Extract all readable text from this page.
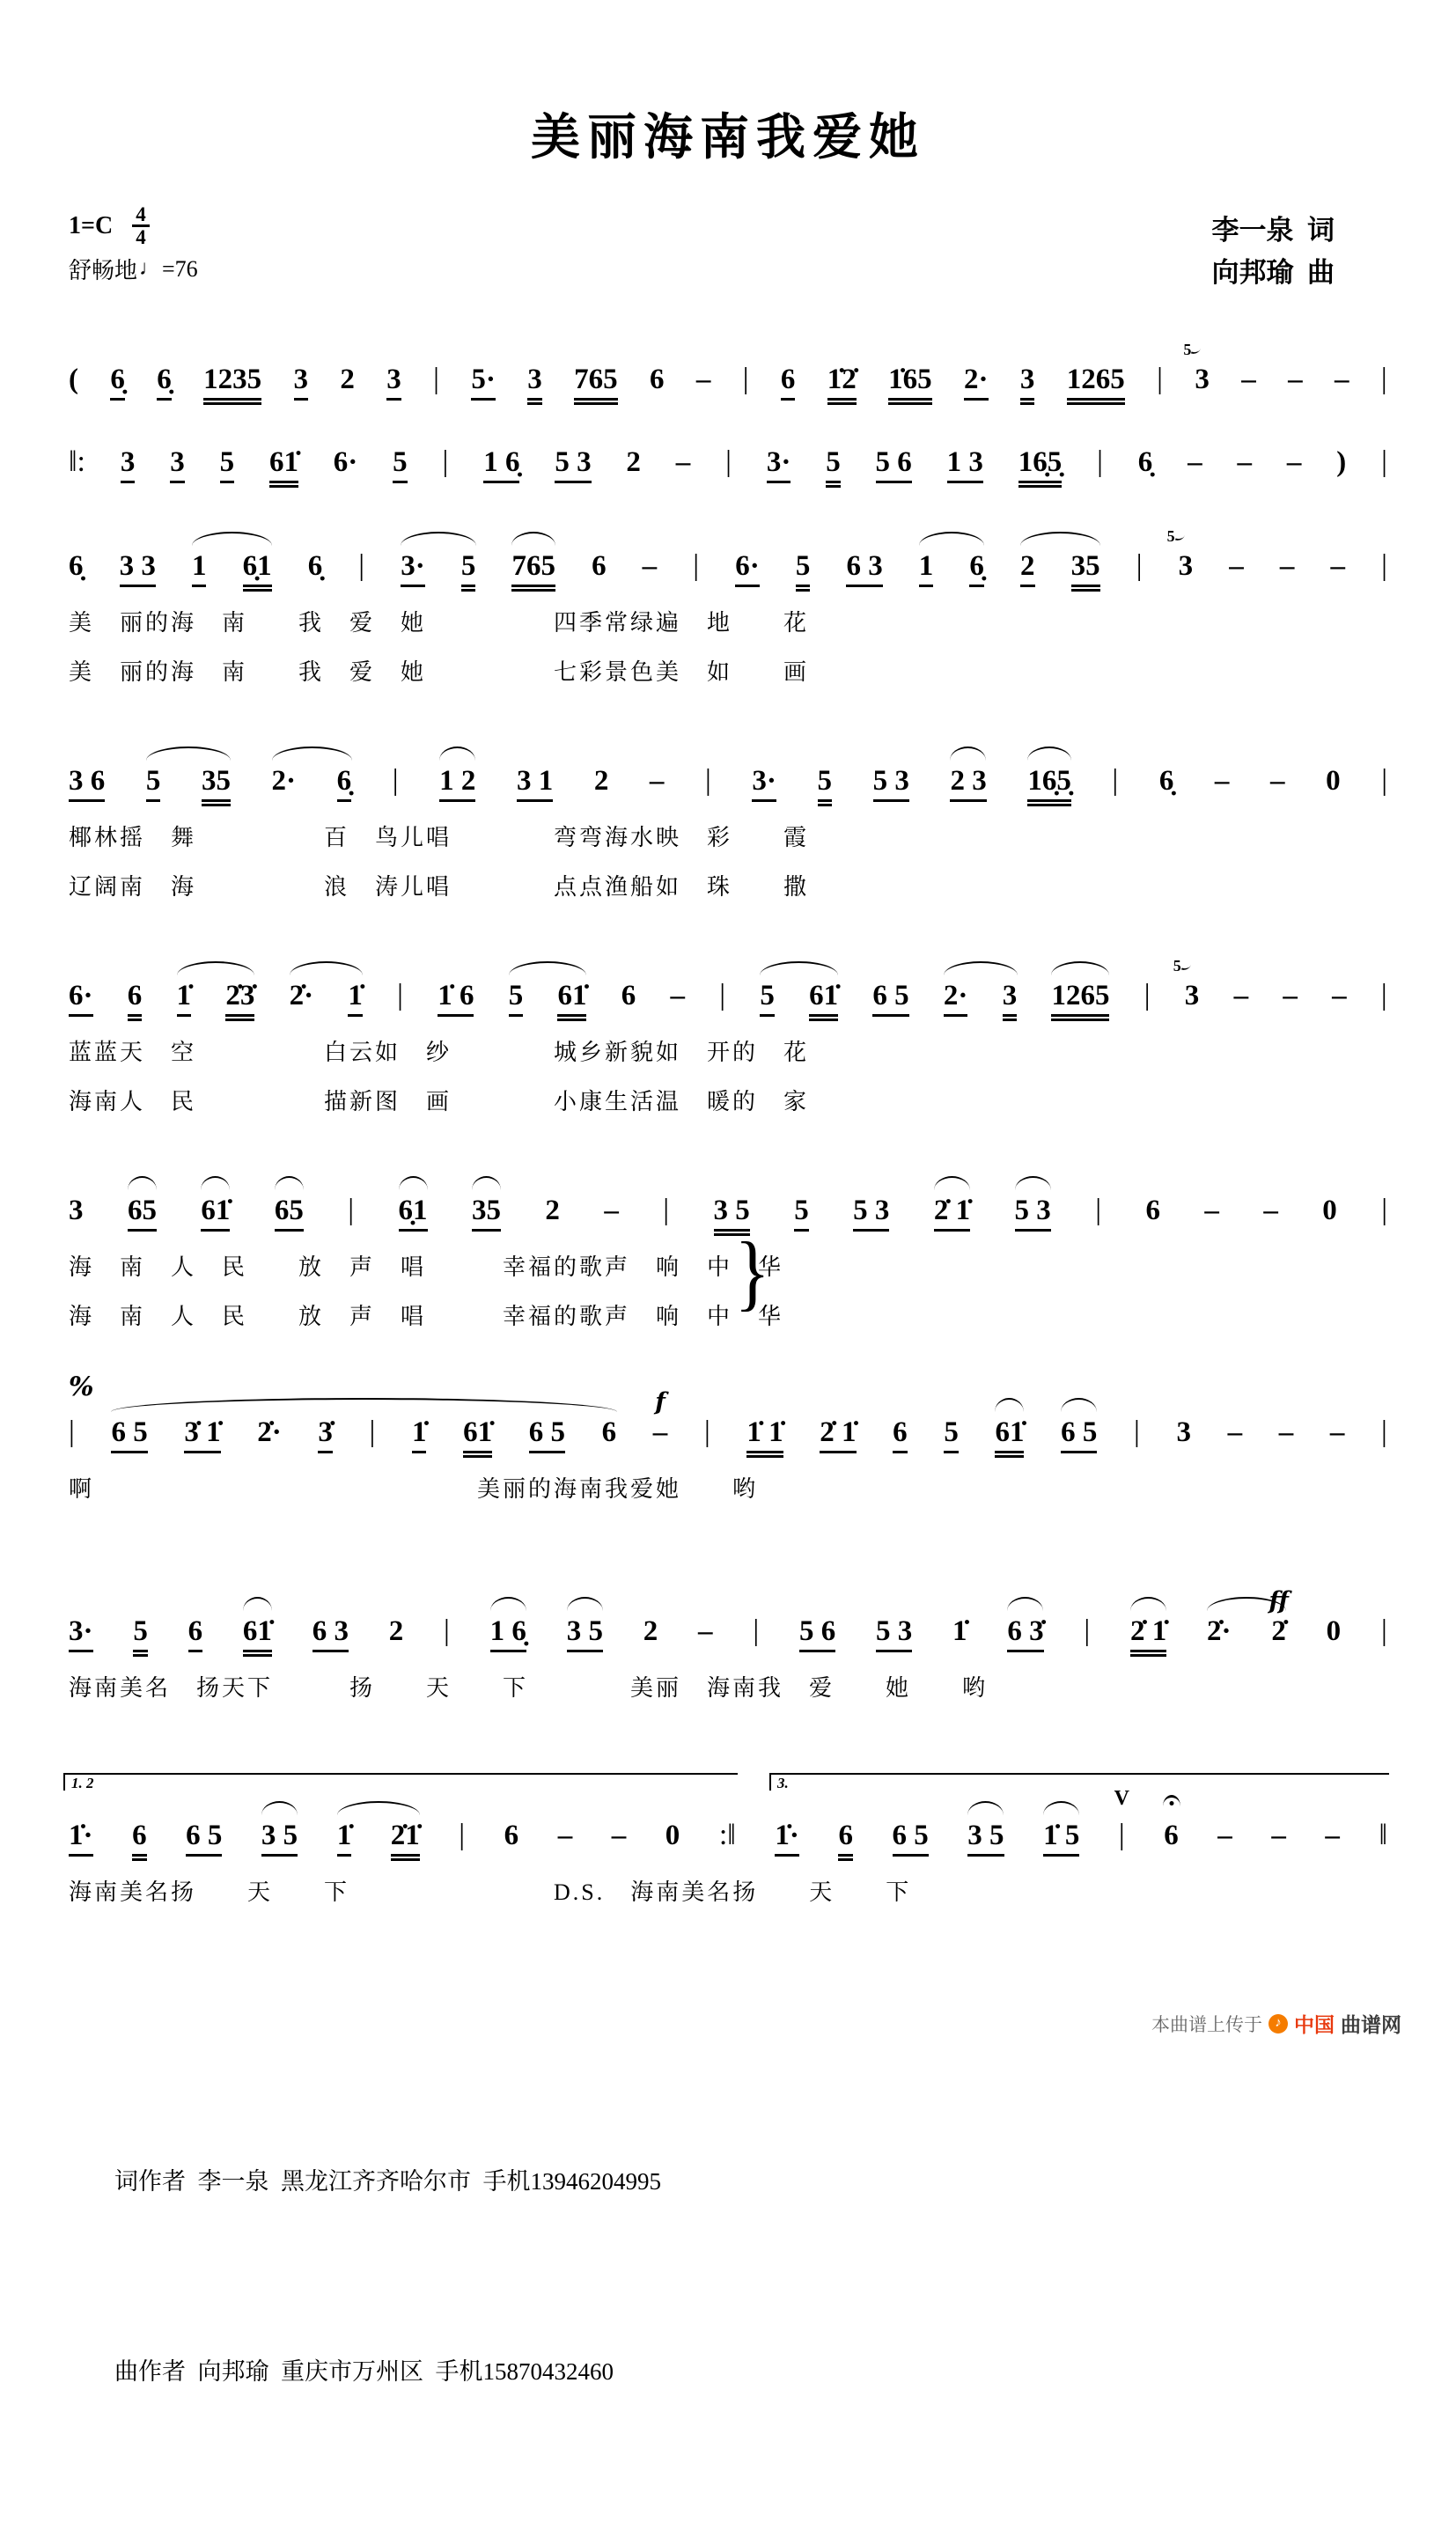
美丽海南我爱她
李一泉  词
向邦瑜  曲
1=C 4
4
舒畅地 ♩ =76
( 6̣ 6̣ 1235 3 2 3 | 5· 3 765 6 – | 6 1̇2̇ 1̇65 2· 3 1265 | 3
5
– – – |
‖: 3 3 5 61̇ 6· 5 | 1 6̣ 5 3 2 – | 3· 5 5 6 1 3 16̣5̣ | 6̣ – – – ) |
6̣ 3 3 1 6̣1 6̣ | 3· 5 765 6 – | 6· 5 6 3 1 6̣ 2 35 | 3
5
– – – |
美　丽的海　南　　我　爱　她　　　　　四季常绿遍　地　　花
美　丽的海　南　　我　爱　她　　　　　七彩景色美　如　　画
3 6 5 35 2· 6̣ | 1 2 3 1 2 – | 3· 5 5 3 2 3 16̣5̣ | 6̣ – – 0 |
椰林摇　舞　　　　　百　鸟儿唱　　　　弯弯海水映　彩　　霞
辽阔南　海　　　　　浪　涛儿唱　　　　点点渔船如　珠　　撒
6· 6 1̇ 2̇3̇ 2̇· 1̇ | 1̇ 6 5 61̇ 6 – | 5 61̇ 6 5 2· 3 1265 | 3
5
– – – |
蓝蓝天　空　　　　　白云如　纱　　　　城乡新貌如　开的　花
海南人　民　　　　　描新图　画　　　　小康生活温　暖的　家
3 65 61̇ 65 | 6̣1 35 2 – | 3 5 5 5 3 2̇ 1̇ 5 3 | 6 – – 0 |
海　南　人　民　　放　声　唱　　　幸福的歌声　响　中　华
海　南　人　民　　放　声　唱　　　幸福的歌声　响　中　华
}
|
%
6 5 3̇ 1̇ 2̇· 3̇ | 1̇ 61̇ 6 5 6 –
f
| 1̇ 1̇ 2̇ 1̇ 6 5 61̇ 6 5 | 3 – – – |
啊　　　　　　　　　　　　　　　美丽的海南我爱她　　哟
3· 5 6 61̇ 6 3 2 | 1 6̣ 3 5 2 – | 5 6 5 3 1̇ 6 3̇ | 2̇ 1̇ 2̇· 2̇
ff
0 |
海南美名　扬天下　　　扬　　天　　下　　　　美丽　海南我　爱　　她　　哟
1̇· 6 6 5 3 5 1̇ 2̇1̇ | 6 – – 0 :‖ 1̇· 6 6 5 3 5 1̇ 5 |
V
6 – – – ‖
1. 2	3.
海南美名扬　　天　　下　　　　　　　　D.S.　海南美名扬　　天　　下

词作者  李一泉  黑龙江齐齐哈尔市  手机13946204995

曲作者  向邦瑜  重庆市万州区  手机15870432460

本曲谱上传于 ♪ 中国 曲谱网
